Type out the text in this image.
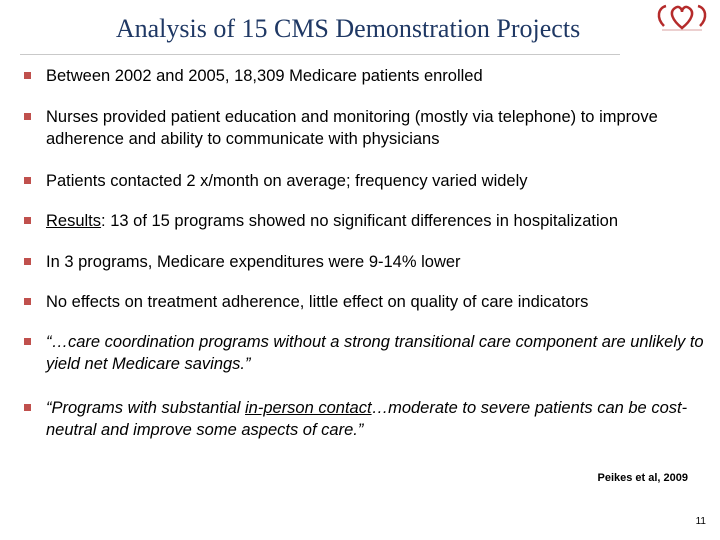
Analysis of 15 CMS Demonstration Projects
Between 2002 and 2005, 18,309 Medicare patients enrolled
Nurses provided patient education and monitoring (mostly via telephone) to improve adherence and ability to communicate with physicians
Patients contacted 2 x/month on average; frequency varied widely
Results: 13 of 15 programs showed no significant differences in hospitalization
In 3 programs, Medicare expenditures were 9-14% lower
No effects on treatment adherence, little effect on quality of care indicators
“…care coordination programs without a strong transitional care component are unlikely to yield net Medicare savings.”
“Programs with substantial in-person contact…moderate to severe patients can be cost-neutral and improve some aspects of care.”
Peikes et al, 2009
11
